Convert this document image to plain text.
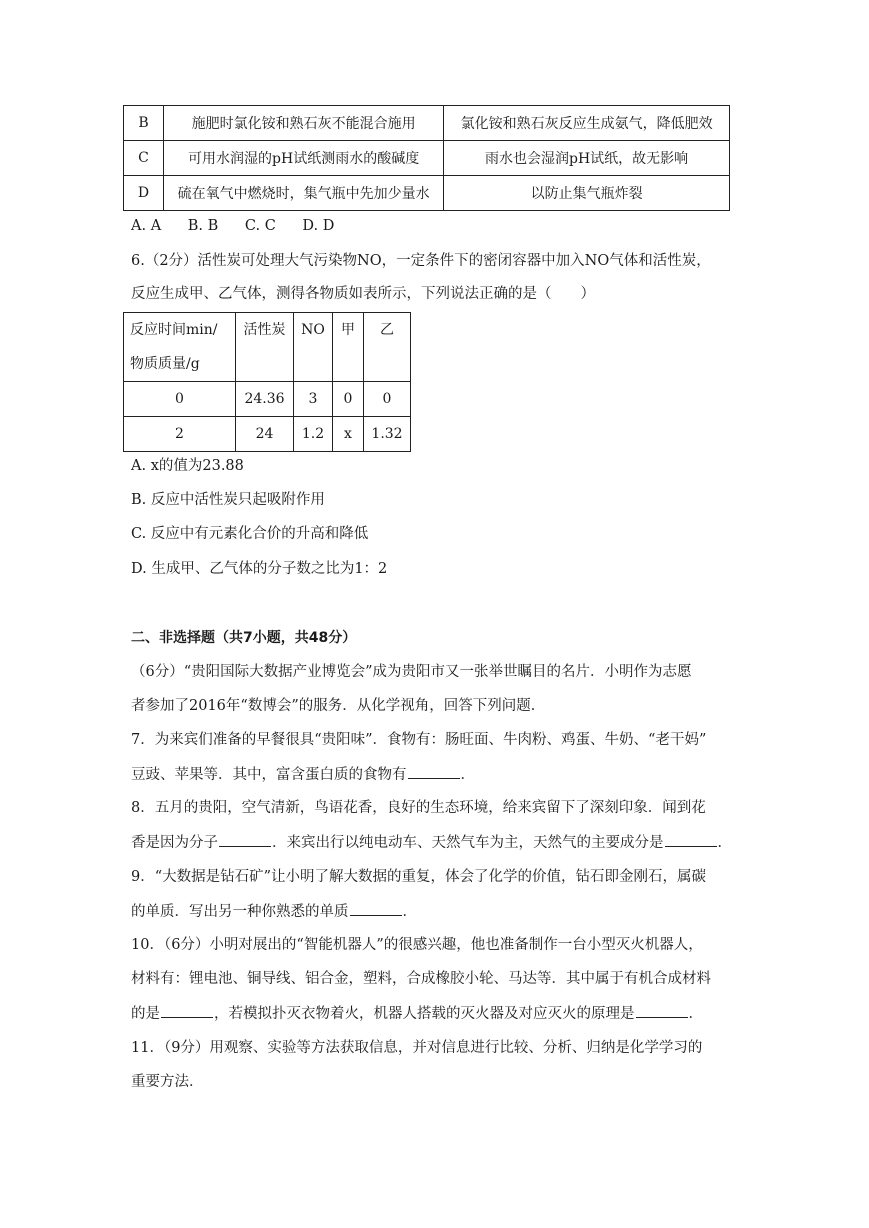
B	施肥时氯化铵和熟石灰不能混合施用	氯化铵和熟石灰反应生成氨气，降低肥效
C	可用水润湿的pH试纸测雨水的酸碱度	雨水也会湿润pH试纸，故无影响
D	硫在氧气中燃烧时，集气瓶中先加少量水	以防止集气瓶炸裂
A. A B. B C. C D. D
6.（2分）活性炭可处理大气污染物NO，一定条件下的密闭容器中加入NO气体和活性炭，
反应生成甲、乙气体，测得各物质如表所示，下列说法正确的是（　　）
反应时间min/
物质质量/g	活性炭	NO	甲	乙
0	24.36	3	0	0
2	24	1.2	x	1.32
A. x的值为23.88
B. 反应中活性炭只起吸附作用
C. 反应中有元素化合价的升高和降低
D. 生成甲、乙气体的分子数之比为1：2
二、非选择题（共7小题，共48分）
（6分）“贵阳国际大数据产业博览会”成为贵阳市又一张举世瞩目的名片．小明作为志愿
者参加了2016年“数博会”的服务．从化学视角，回答下列问题．
7．为来宾们准备的早餐很具“贵阳味”．食物有：肠旺面、牛肉粉、鸡蛋、牛奶、“老干妈”
豆豉、苹果等．其中，富含蛋白质的食物有	．
8．五月的贵阳，空气清新，鸟语花香，良好的生态环境，给来宾留下了深刻印象．闻到花
香是因为分子	．来宾出行以纯电动车、天然气车为主，天然气的主要成分是	．
9．“大数据是钻石矿”让小明了解大数据的重复，体会了化学的价值，钻石即金刚石，属碳
的单质．写出另一种你熟悉的单质	．
10．（6分）小明对展出的“智能机器人”的很感兴趣，他也准备制作一台小型灭火机器人，
材料有：锂电池、铜导线、铝合金，塑料，合成橡胶小轮、马达等．其中属于有机合成材料
的是	，若模拟扑灭衣物着火，机器人搭载的灭火器及对应灭火的原理是	．
11．（9分）用观察、实验等方法获取信息，并对信息进行比较、分析、归纳是化学学习的
重要方法．
